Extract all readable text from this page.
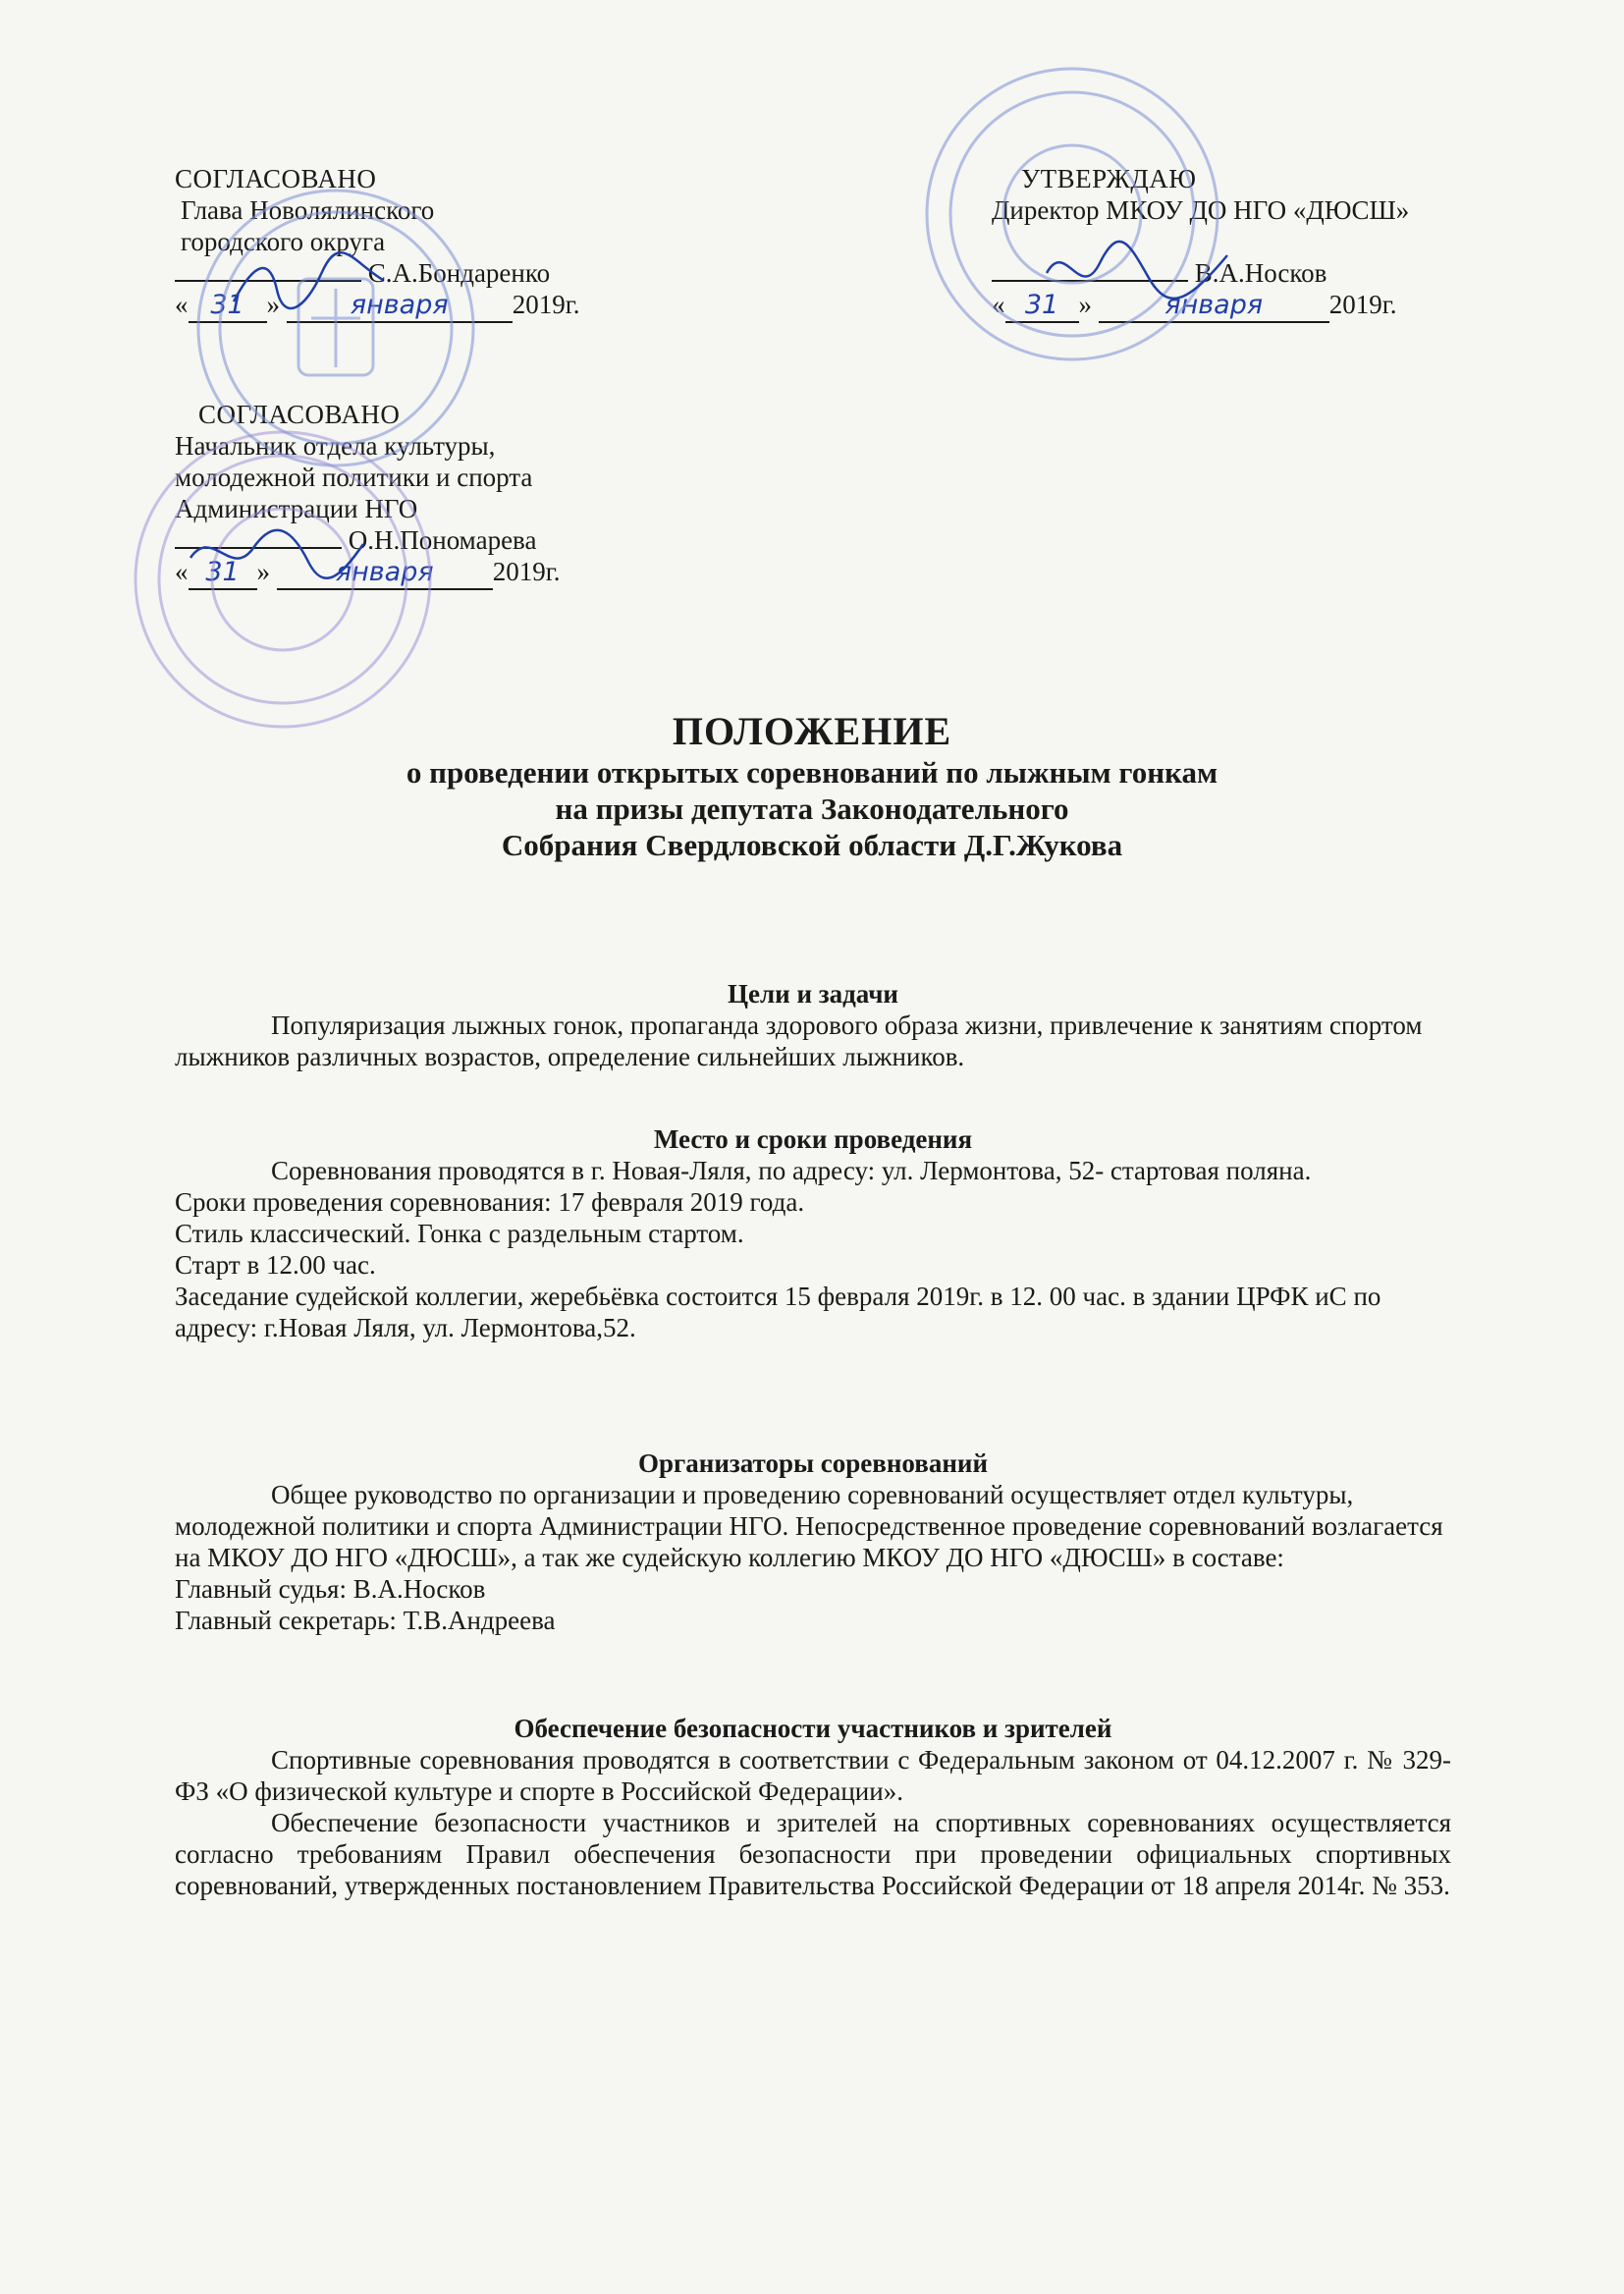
СОГЛАСОВАНО
Глава Новолялинского
городского округа
С.А.Бондаренко
« 31 » января 2019г.
СОГЛАСОВАНО
Начальник отдела культуры,
молодежной политики и спорта
Администрации НГО
О.Н.Пономарева
« 31 » января 2019г.
УТВЕРЖДАЮ
Директор МКОУ ДО НГО «ДЮСШ»
В.А.Носков
« 31 »	января	2019г.
ПОЛОЖЕНИЕ
о проведении открытых соревнований по лыжным гонкам
на призы депутата Законодательного
Собрания Свердловской области Д.Г.Жукова
Цели и задачи

Популяризация лыжных гонок, пропаганда здорового образа жизни, привлечение к занятиям спортом лыжников различных возрастов, определение сильнейших лыжников.

Место и сроки проведения

Соревнования проводятся в г. Новая-Ляля, по адресу: ул. Лермонтова, 52- стартовая поляна.

Сроки проведения соревнования: 17 февраля 2019 года.

Стиль классический. Гонка с раздельным стартом.

Старт в 12.00 час.

Заседание судейской коллегии, жеребьёвка состоится 15 февраля 2019г. в 12. 00 час. в здании ЦРФК иС по адресу: г.Новая Ляля, ул. Лермонтова,52.

Организаторы соревнований

Общее руководство по организации и проведению соревнований осуществляет отдел культуры, молодежной политики и спорта Администрации НГО. Непосредственное проведение соревнований возлагается на МКОУ ДО НГО «ДЮСШ», а так же судейскую коллегию МКОУ ДО НГО «ДЮСШ» в составе:

Главный судья: В.А.Носков

Главный секретарь: Т.В.Андреева

Обеспечение безопасности участников и зрителей

Спортивные соревнования проводятся в соответствии с Федеральным законом от 04.12.2007 г. № 329-ФЗ «О физической культуре и спорте в Российской Федерации».

Обеспечение безопасности участников и зрителей на спортивных соревнованиях осуществляется согласно требованиям Правил обеспечения безопасности при проведении официальных спортивных соревнований, утвержденных постановлением Правительства Российской Федерации от 18 апреля 2014г. № 353.
